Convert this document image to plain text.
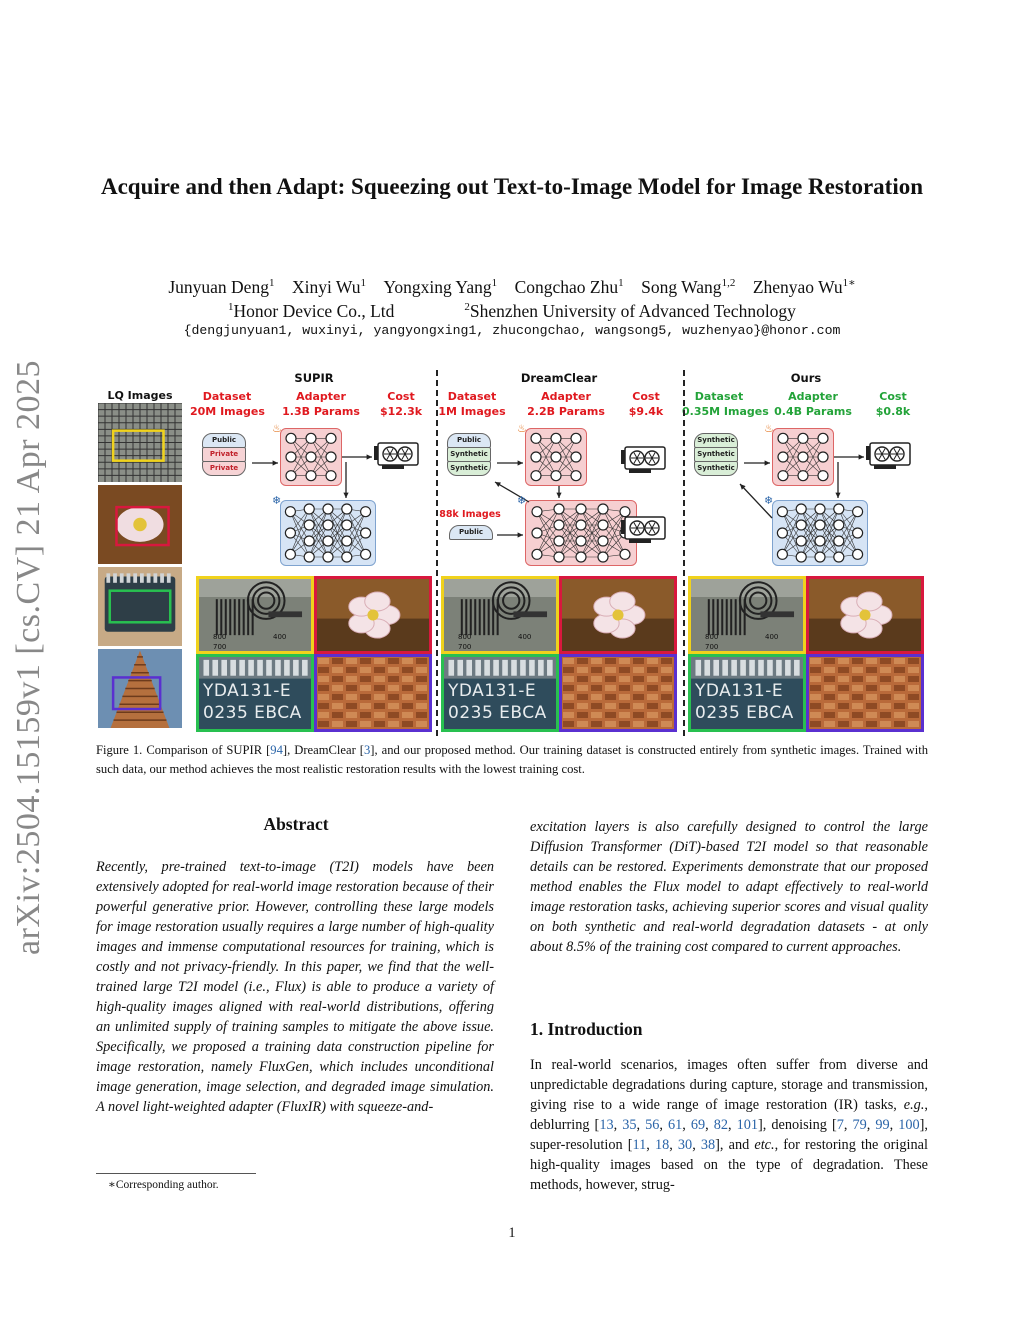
arXiv:2504.15159v1 [cs.CV] 21 Apr 2025
Acquire and then Adapt: Squeezing out Text-to-Image Model for Image Restoration
Junyuan Deng$^1$  Xinyi Wu$^1$  Yongxing Yang$^1$  Congchao Zhu$^1$  Song Wang$^{1,2}$  Zhenyao $Wu^{1∗}$
$^1$Honor Device Co., Ltd    	$^2$Shenzhen University of Advanced Technology
{dengjunyuan1, wuxinyi, yangyongxing1, zhucongchao, wangsong5, wuzhenyao}@honor.com
LQ Images
SUPIR
Dataset
20M Images
Adapter
1.3B Params
Cost
$12.3k
Public
Private
Private
♨
❄
800
700
400
YDA131-E
0235 EBCA
DreamClear
Dataset
1M Images
Adapter
2.2B Params
Cost
$9.4k
Public
Synthetic
Synthetic
88k Images
Public
♨
❄
800
700
400
YDA131-E
0235 EBCA
Ours
Dataset
0.35M Images
Adapter
0.4B Params
Cost
$0.8k
Synthetic
Synthetic
Synthetic
♨
❄
800
700
400
YDA131-E
0235 EBCA
Figure 1. Comparison of SUPIR [94], DreamClear [3], and our proposed method. Our training dataset is constructed entirely from synthetic images. Trained with such data, our method achieves the most realistic restoration results with the lowest training cost.
Abstract
Recently, pre-trained text-to-image (T2I) models have been extensively adopted for real-world image restoration because of their powerful generative prior. However, controlling these large models for image restoration usually requires a large number of high-quality images and immense computational resources for training, which is costly and not privacy-friendly. In this paper, we find that the well-trained large T2I model (i.e., Flux) is able to produce a variety of high-quality images aligned with real-world distributions, offering an unlimited supply of training samples to mitigate the above issue. Specifically, we proposed a training data construction pipeline for image restoration, namely FluxGen, which includes unconditional image generation, image selection, and degraded image simulation. A novel light-weighted adapter (FluxIR) with squeeze-and-
excitation layers is also carefully designed to control the large Diffusion Transformer (DiT)-based T2I model so that reasonable details can be restored. Experiments demonstrate that our proposed method enables the Flux model to adapt effectively to real-world image restoration tasks, achieving superior scores and visual quality on both synthetic and real-world degradation datasets - at only about 8.5% of the training cost compared to current approaches.
1. Introduction
In real-world scenarios, images often suffer from diverse and unpredictable degradations during capture, storage and transmission, giving rise to a wide range of image restoration (IR) tasks, e.g., deblurring [13, 35, 56, 61, 69, 82, 101], denoising [7, 79, 99, 100], super-resolution [11, 18, 30, 38], and etc., for restoring the original high-quality images based on the type of degradation. These methods, however, strug-
∗Corresponding author.
1
